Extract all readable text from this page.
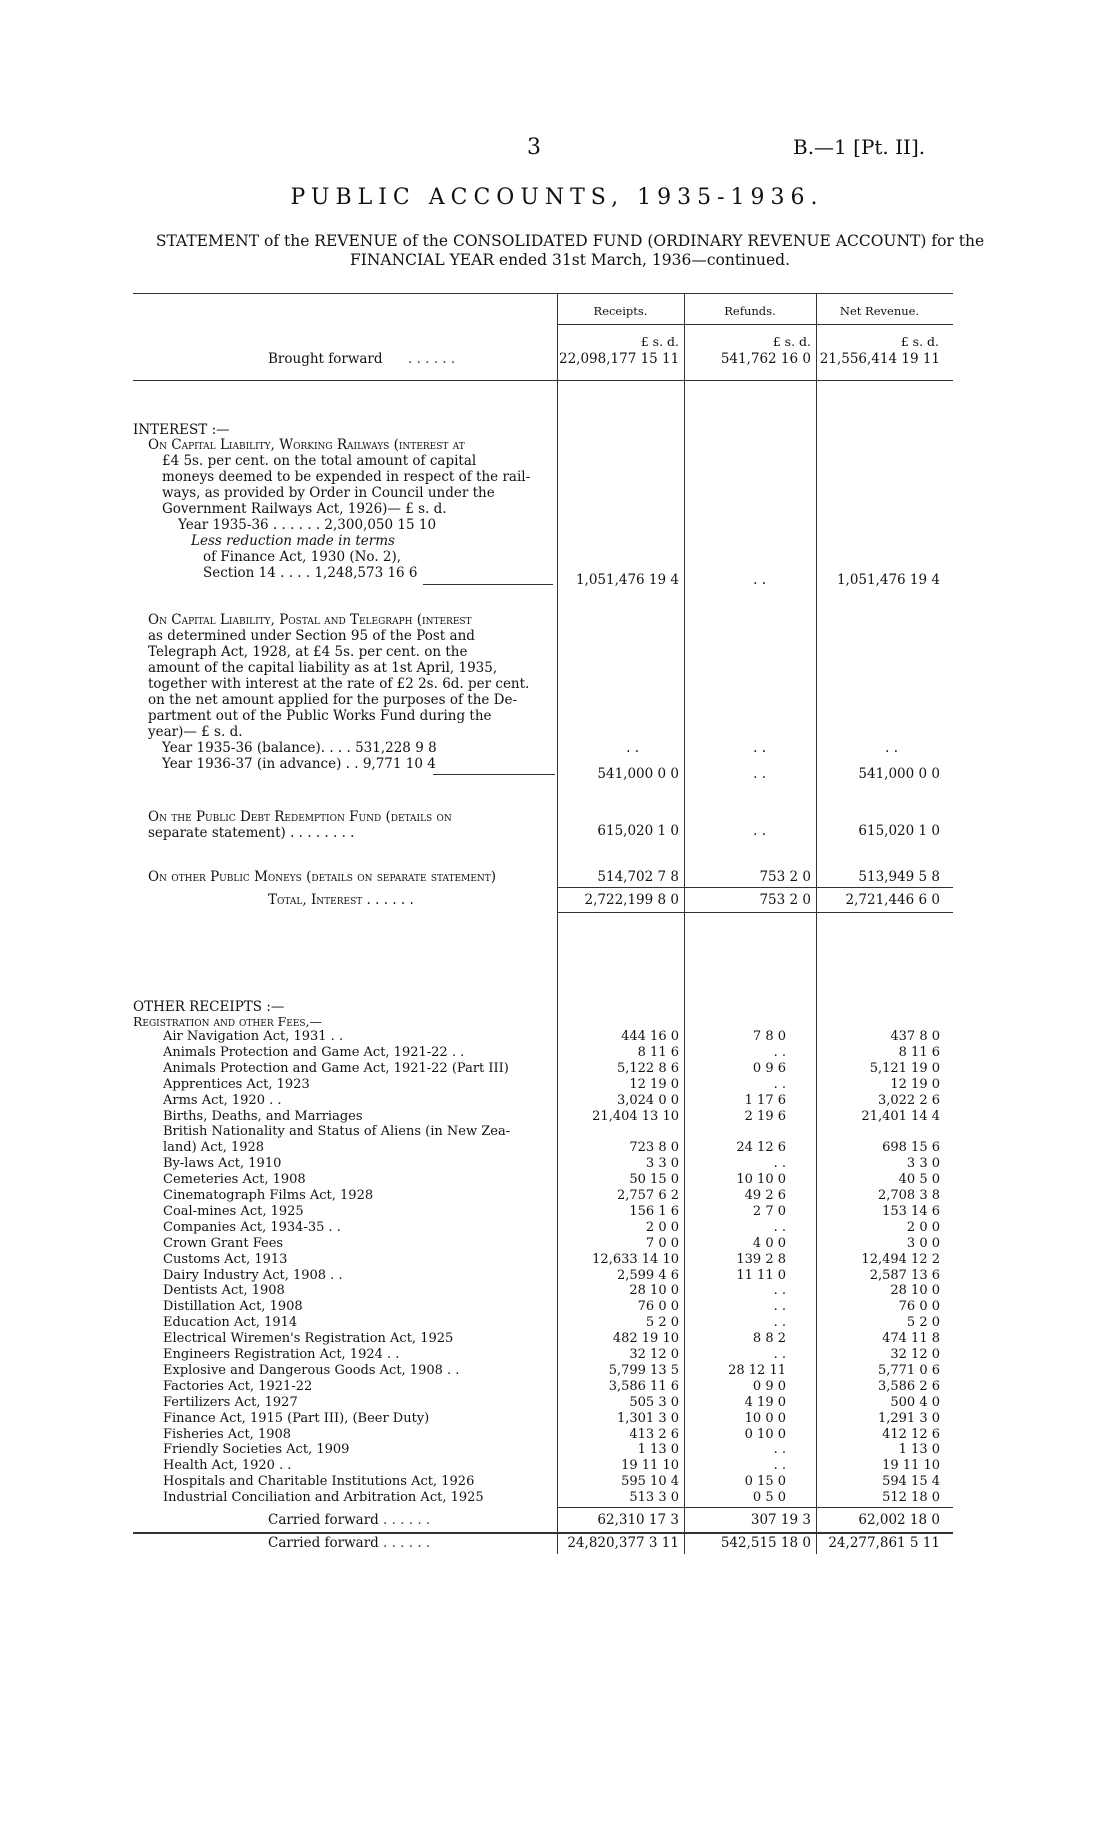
3	B.—1 [Pt. II].
PUBLIC ACCOUNTS, 1935-1936.
STATEMENT of the REVENUE of the CONSOLIDATED FUND (ORDINARY REVENUE ACCOUNT) for the FINANCIAL YEAR ended 31st March, 1936—continued.
Receipts.	Refunds.	Net Revenue.
£ s. d.	£ s. d.	£ s. d.
Brought forward . . . . . .	22,098,177 15 11	541,762 16 0 21,556,414 19 11
INTEREST :—
On Capital Liability, Working Railways (interest at
£4 5s. per cent. on the total amount of capital
moneys deemed to be expended in respect of the rail-
ways, as provided by Order in Council under the
Government Railways Act, 1926)— £ s. d.
Year 1935-36 . . . . . . 2,300,050 15 10
Less reduction made in terms
of Finance Act, 1930 (No. 2),
Section 14 . . . . 1,248,573 16 6	1,051,476 19 4	. .	1,051,476 19 4
On Capital Liability, Postal and Telegraph (interest
as determined under Section 95 of the Post and
Telegraph Act, 1928, at £4 5s. per cent. on the
amount of the capital liability as at 1st April, 1935,
together with interest at the rate of £2 2s. 6d. per cent.
on the net amount applied for the purposes of the De-
partment out of the Public Works Fund during the
year)— £ s. d.
Year 1935-36 (balance). . . . 531,228 9 8
Year 1936-37 (in advance) . . 9,771 10 4
. .	. .	. .
541,000 0 0	. .	541,000 0 0
On the Public Debt Redemption Fund (details on
separate statement) . . . . . . . .	615,020 1 0	. .	615,020 1 0
On other Public Moneys (details on separate statement)	514,702 7 8	753 2 0	513,949 5 8
Total, Interest . . . . . .	2,722,199 8 0	753 2 0	2,721,446 6 0
OTHER RECEIPTS :—
Registration and other Fees,—
Air Navigation Act, 1931 . .	444 16 0	7 8 0	437 8 0
Animals Protection and Game Act, 1921-22 . .	8 11 6	. .	8 11 6
Animals Protection and Game Act, 1921-22 (Part III)	5,122 8 6	0 9 6	5,121 19 0
Apprentices Act, 1923	12 19 0	. .	12 19 0
Arms Act, 1920 . .	3,024 0 0	1 17 6	3,022 2 6
Births, Deaths, and Marriages	21,404 13 10	2 19 6	21,401 14 4
British Nationality and Status of Aliens (in New Zea-
land) Act, 1928	723 8 0	24 12 6	698 15 6
By-laws Act, 1910	3 3 0	. .	3 3 0
Cemeteries Act, 1908	50 15 0	10 10 0	40 5 0
Cinematograph Films Act, 1928	2,757 6 2	49 2 6	2,708 3 8
Coal-mines Act, 1925	156 1 6	2 7 0	153 14 6
Companies Act, 1934-35 . .	2 0 0	. .	2 0 0
Crown Grant Fees	7 0 0	4 0 0	3 0 0
Customs Act, 1913	12,633 14 10	139 2 8	12,494 12 2
Dairy Industry Act, 1908 . .	2,599 4 6	11 11 0	2,587 13 6
Dentists Act, 1908	28 10 0	. .	28 10 0
Distillation Act, 1908	76 0 0	. .	76 0 0
Education Act, 1914	5 2 0	. .	5 2 0
Electrical Wiremen's Registration Act, 1925	482 19 10	8 8 2	474 11 8
Engineers Registration Act, 1924 . .	32 12 0	. .	32 12 0
Explosive and Dangerous Goods Act, 1908 . .	5,799 13 5	28 12 11	5,771 0 6
Factories Act, 1921-22	3,586 11 6	0 9 0	3,586 2 6
Fertilizers Act, 1927	505 3 0	4 19 0	500 4 0
Finance Act, 1915 (Part III), (Beer Duty)	1,301 3 0	10 0 0	1,291 3 0
Fisheries Act, 1908	413 2 6	0 10 0	412 12 6
Friendly Societies Act, 1909	1 13 0	. .	1 13 0
Health Act, 1920 . .	19 11 10	. .	19 11 10
Hospitals and Charitable Institutions Act, 1926	595 10 4	0 15 0	594 15 4
Industrial Conciliation and Arbitration Act, 1925	513 3 0	0 5 0	512 18 0
Carried forward . . . . . .	62,310 17 3	307 19 3	62,002 18 0
Carried forward . . . . . .	24,820,377 3 11	542,515 18 0	24,277,861 5 11
